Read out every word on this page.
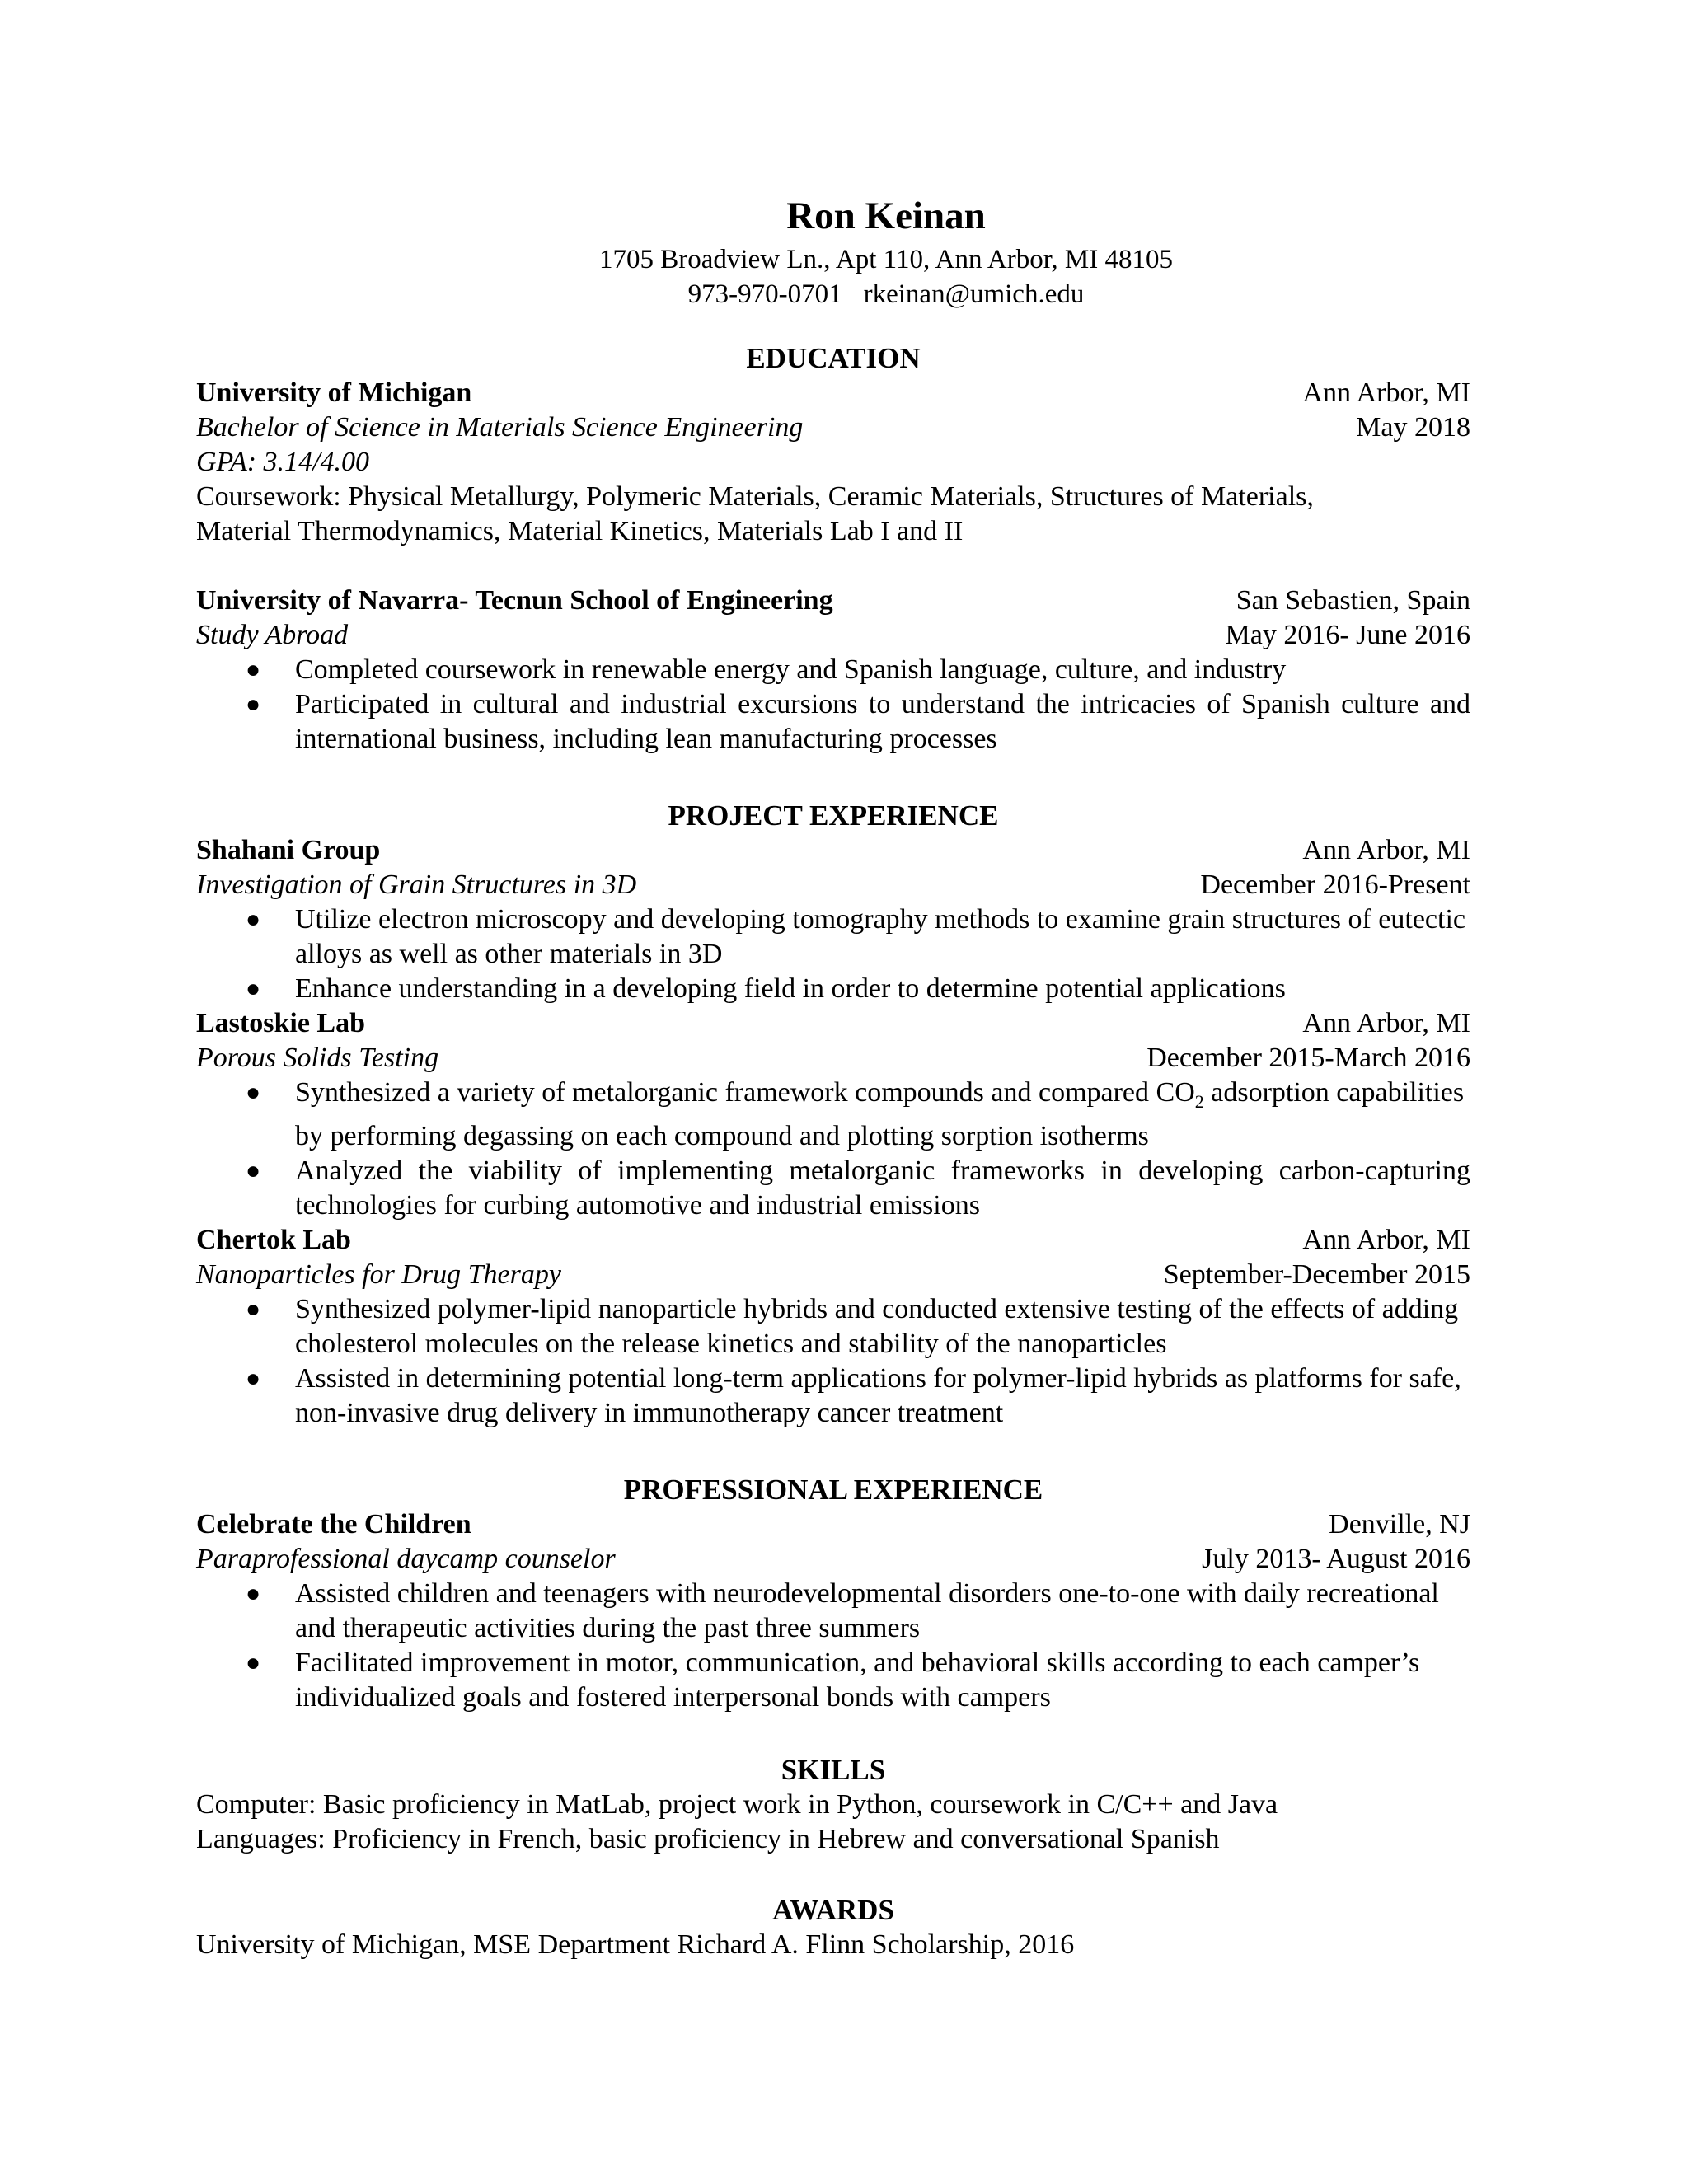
Ron Keinan
1705 Broadview Ln., Apt 110, Ann Arbor, MI 48105
973-970-0701 rkeinan@umich.edu
EDUCATION
University of Michigan	Ann Arbor, MI
Bachelor of Science in Materials Science Engineering	May 2018
GPA: 3.14/4.00
Coursework: Physical Metallurgy, Polymeric Materials, Ceramic Materials, Structures of Materials,
Material Thermodynamics, Material Kinetics, Materials Lab I and II
University of Navarra- Tecnun School of Engineering	San Sebastien, Spain
Study Abroad	May 2016- June 2016
● Completed coursework in renewable energy and Spanish language, culture, and industry
● Participated in cultural and industrial excursions to understand the intricacies of Spanish culture and international business, including lean manufacturing processes
PROJECT EXPERIENCE
Shahani Group	Ann Arbor, MI
Investigation of Grain Structures in 3D	December 2016-Present
● Utilize electron microscopy and developing tomography methods to examine grain structures of eutectic alloys as well as other materials in 3D
● Enhance understanding in a developing field in order to determine potential applications
Lastoskie Lab	Ann Arbor, MI
Porous Solids Testing	December 2015-March 2016
● Synthesized a variety of metalorganic framework compounds and compared $CO_2$ adsorption capabilities by performing degassing on each compound and plotting sorption isotherms
● Analyzed the viability of implementing metalorganic frameworks in developing carbon-capturing technologies for curbing automotive and industrial emissions
Chertok Lab	Ann Arbor, MI
Nanoparticles for Drug Therapy	September-December 2015
● Synthesized polymer-lipid nanoparticle hybrids and conducted extensive testing of the effects of adding cholesterol molecules on the release kinetics and stability of the nanoparticles
● Assisted in determining potential long-term applications for polymer-lipid hybrids as platforms for safe, non-invasive drug delivery in immunotherapy cancer treatment
PROFESSIONAL EXPERIENCE
Celebrate the Children	Denville, NJ
Paraprofessional daycamp counselor	July 2013- August 2016
● Assisted children and teenagers with neurodevelopmental disorders one-to-one with daily recreational and therapeutic activities during the past three summers
● Facilitated improvement in motor, communication, and behavioral skills according to each camper’s individualized goals and fostered interpersonal bonds with campers
SKILLS
Computer: Basic proficiency in MatLab, project work in Python, coursework in C/C++ and Java
Languages: Proficiency in French, basic proficiency in Hebrew and conversational Spanish
AWARDS
University of Michigan, MSE Department Richard A. Flinn Scholarship, 2016
